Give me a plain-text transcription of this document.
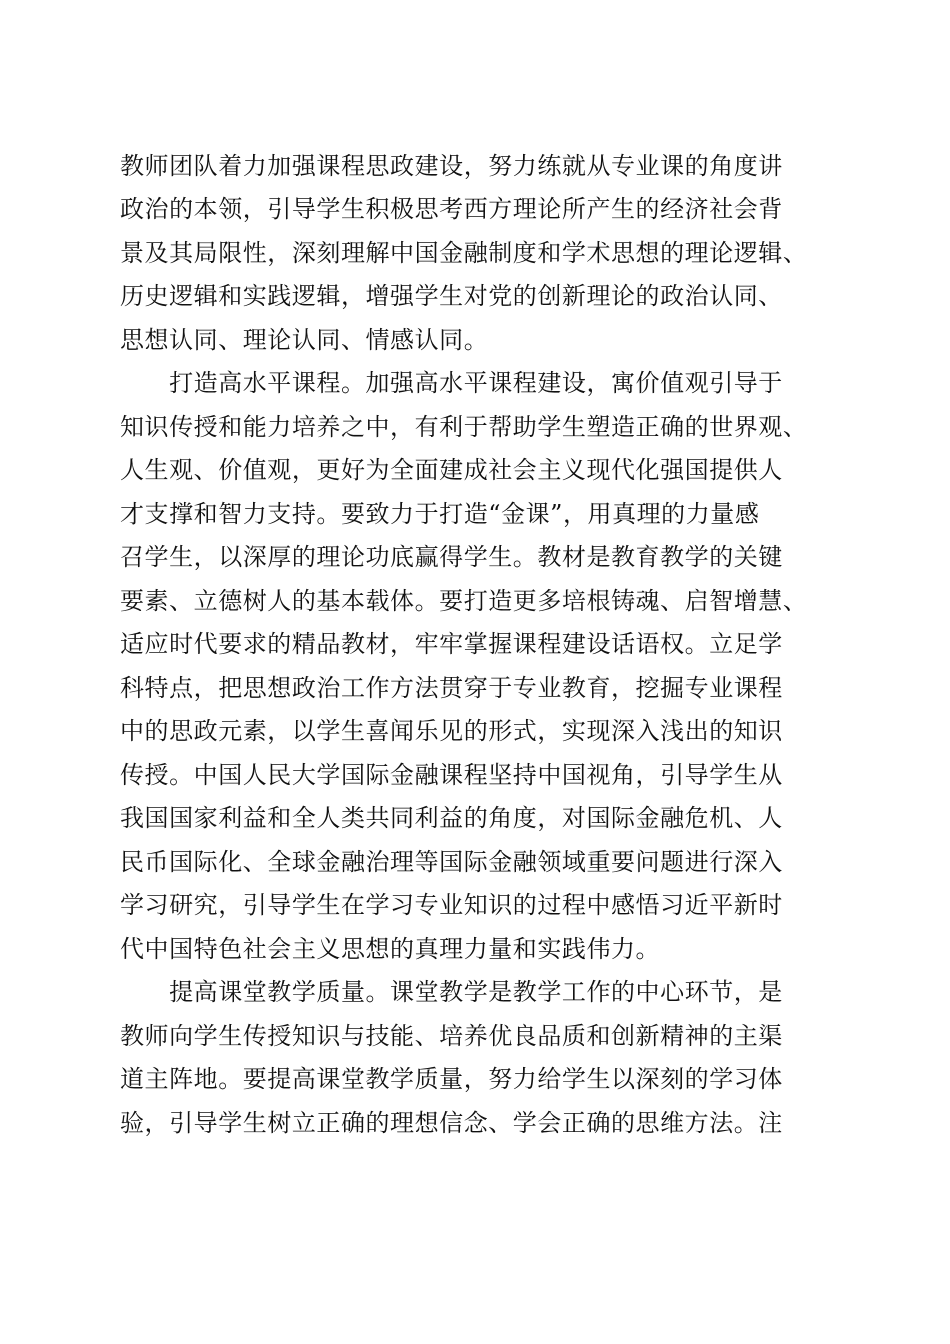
教师团队着力加强课程思政建设，努力练就从专业课的角度讲
政治的本领，引导学生积极思考西方理论所产生的经济社会背
景及其局限性，深刻理解中国金融制度和学术思想的理论逻辑、
历史逻辑和实践逻辑，增强学生对党的创新理论的政治认同、
思想认同、理论认同、情感认同。
　　打造高水平课程。加强高水平课程建设，寓价值观引导于
知识传授和能力培养之中，有利于帮助学生塑造正确的世界观、
人生观、价值观，更好为全面建成社会主义现代化强国提供人
才支撑和智力支持。要致力于打造“金课”，用真理的力量感
召学生，以深厚的理论功底赢得学生。教材是教育教学的关键
要素、立德树人的基本载体。要打造更多培根铸魂、启智增慧、
适应时代要求的精品教材，牢牢掌握课程建设话语权。立足学
科特点，把思想政治工作方法贯穿于专业教育，挖掘专业课程
中的思政元素，以学生喜闻乐见的形式，实现深入浅出的知识
传授。中国人民大学国际金融课程坚持中国视角，引导学生从
我国国家利益和全人类共同利益的角度，对国际金融危机、人
民币国际化、全球金融治理等国际金融领域重要问题进行深入
学习研究，引导学生在学习专业知识的过程中感悟习近平新时
代中国特色社会主义思想的真理力量和实践伟力。
　　提高课堂教学质量。课堂教学是教学工作的中心环节，是
教师向学生传授知识与技能、培养优良品质和创新精神的主渠
道主阵地。要提高课堂教学质量，努力给学生以深刻的学习体
验，引导学生树立正确的理想信念、学会正确的思维方法。注
